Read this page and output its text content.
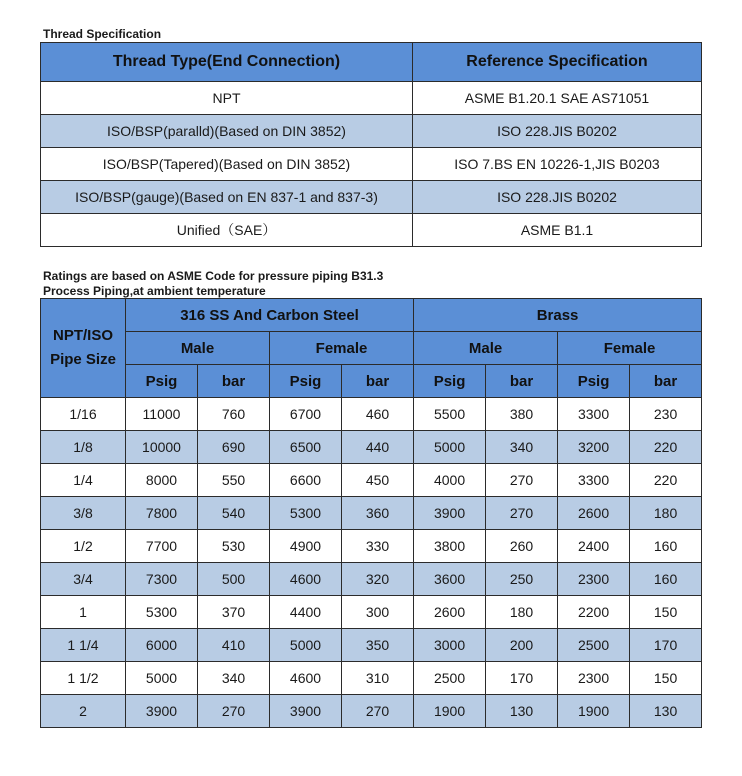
Thread Specification
Thread Type(End Connection)	Reference Specification
NPT	ASME B1.20.1 SAE AS71051
ISO/BSP(paralld)(Based on DIN 3852)	ISO 228.JIS B0202
ISO/BSP(Tapered)(Based on DIN 3852)	ISO 7.BS EN 10226-1,JIS B0203
ISO/BSP(gauge)(Based on EN 837-1 and 837-3)	ISO 228.JIS B0202
Unified（SAE）	ASME B1.1
Ratings are based on ASME Code for pressure piping B31.3
Process Piping,at ambient temperature
NPT/ISO Pipe Size	316 SS And Carbon Steel				Brass			
	Male		Female		Male		Female	
	Psig	bar	Psig	bar	Psig	bar	Psig	bar
1/16	11000	760	6700	460	5500	380	3300	230
1/8	10000	690	6500	440	5000	340	3200	220
1/4	8000	550	6600	450	4000	270	3300	220
3/8	7800	540	5300	360	3900	270	2600	180
1/2	7700	530	4900	330	3800	260	2400	160
3/4	7300	500	4600	320	3600	250	2300	160
1	5300	370	4400	300	2600	180	2200	150
1 1/4	6000	410	5000	350	3000	200	2500	170
1 1/2	5000	340	4600	310	2500	170	2300	150
2	3900	270	3900	270	1900	130	1900	130
